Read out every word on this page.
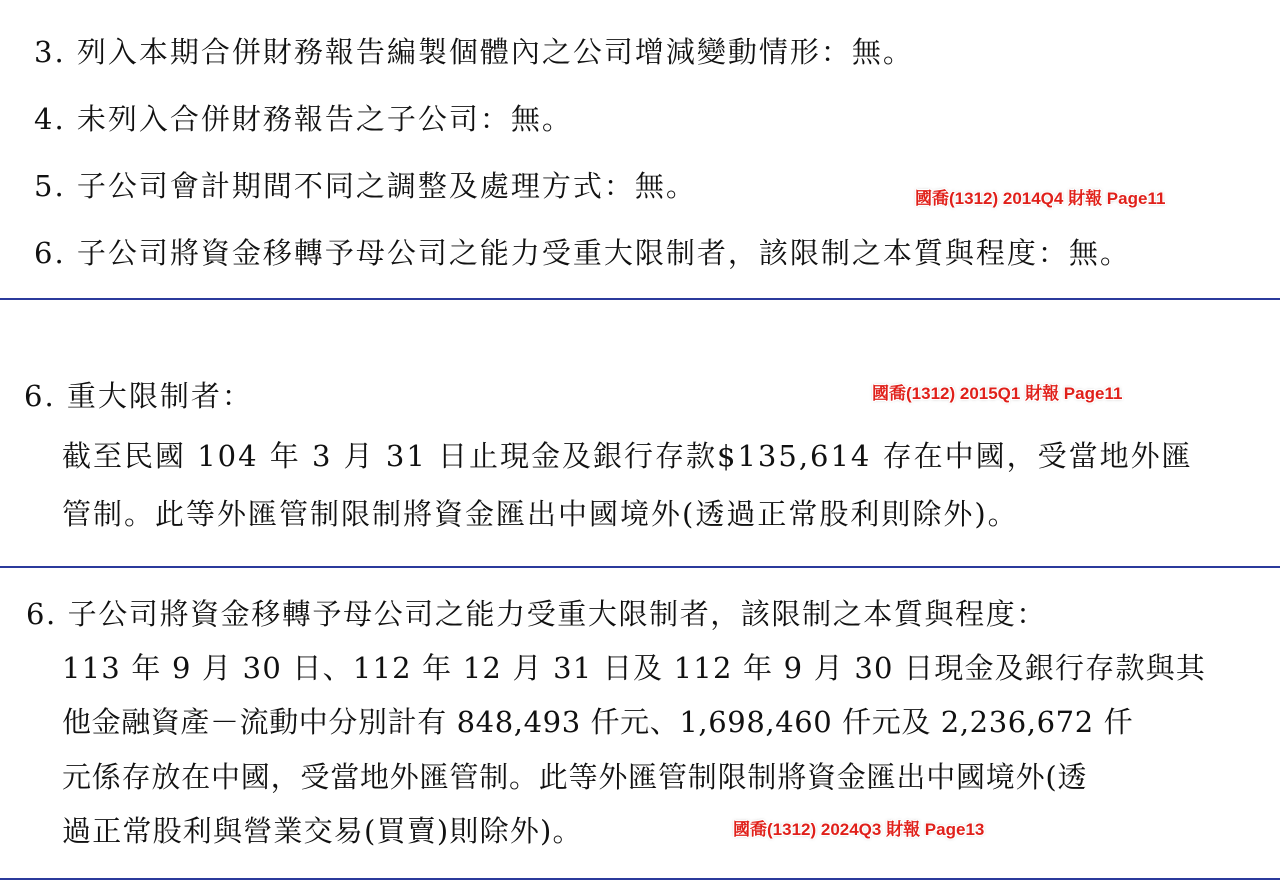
3. 列入本期合併財務報告編製個體內之公司增減變動情形：無。
4. 未列入合併財務報告之子公司：無。
5. 子公司會計期間不同之調整及處理方式：無。	國喬(1312) 2014Q4 財報 Page11
6. 子公司將資金移轉予母公司之能力受重大限制者，該限制之本質與程度：無。
6. 重大限制者：	國喬(1312) 2015Q1 財報 Page11
截至民國 104 年 3 月 31 日止現金及銀行存款$135,614 存在中國，受當地外匯
管制。此等外匯管制限制將資金匯出中國境外(透過正常股利則除外)。
6. 子公司將資金移轉予母公司之能力受重大限制者，該限制之本質與程度：
113 年 9 月 30 日、112 年 12 月 31 日及 112 年 9 月 30 日現金及銀行存款與其
他金融資產－流動中分別計有 848,493 仟元、1,698,460 仟元及 2,236,672 仟
元係存放在中國，受當地外匯管制。此等外匯管制限制將資金匯出中國境外(透
過正常股利與營業交易(買賣)則除外)。	國喬(1312) 2024Q3 財報 Page13
